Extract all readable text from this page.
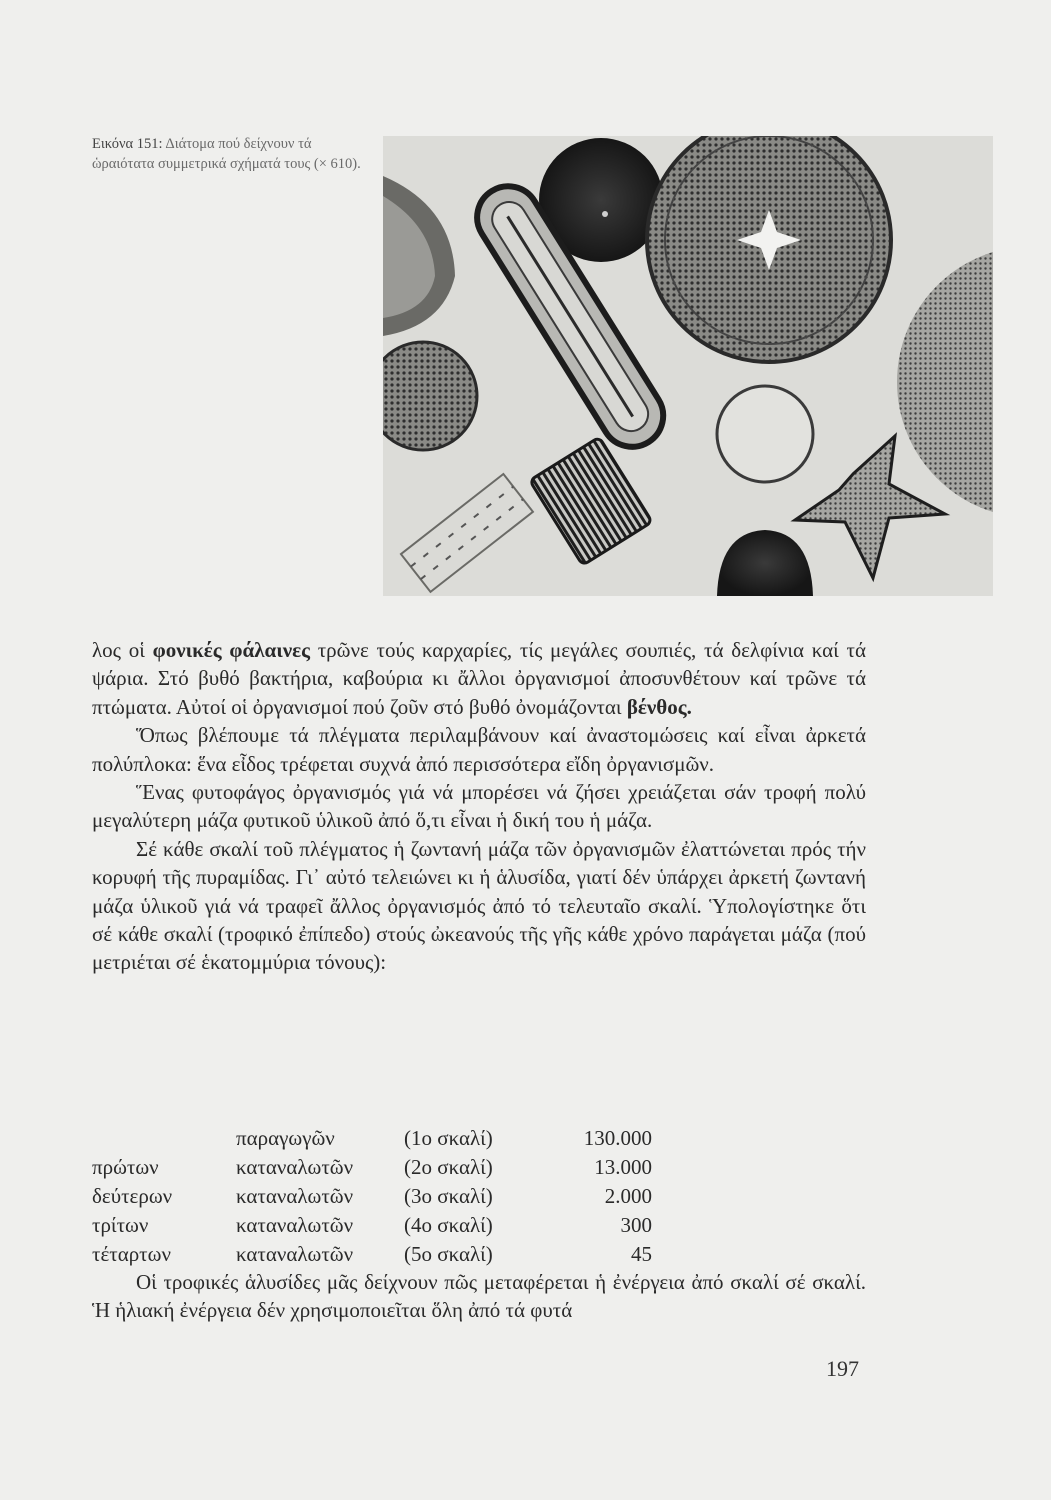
Εικόνα 151: Διάτομα πού δείχνουν τά ὡραιότατα συμμετρικά σχήματά τους (× 610).

λος οἱ φονικές φάλαινες τρῶνε τούς καρχαρίες, τίς μεγάλες σουπιές, τά δελφίνια καί τά ψάρια. Στό βυθό βακτήρια, καβούρια κι ἄλλοι ὀργανισμοί ἀποσυνθέτουν καί τρῶνε τά πτώματα. Αὐτοί οἱ ὀργανισμοί πού ζοῦν στό βυθό ὀνομάζονται βένθος.

Ὅπως βλέπουμε τά πλέγματα περιλαμβάνουν καί ἀναστομώσεις καί εἶναι ἀρκετά πολύπλοκα: ἕνα εἶδος τρέφεται συχνά ἀπό περισσότερα εἴδη ὀργανισμῶν.

Ἕνας φυτοφάγος ὀργανισμός γιά νά μπορέσει νά ζήσει χρειάζεται σάν τροφή πολύ μεγαλύτερη μάζα φυτικοῦ ὑλικοῦ ἀπό ὅ,τι εἶναι ἡ δική του ἡ μάζα.

Σέ κάθε σκαλί τοῦ πλέγματος ἡ ζωντανή μάζα τῶν ὀργανισμῶν ἐλαττώνεται πρός τήν κορυφή τῆς πυραμίδας. Γι᾽ αὐτό τελειώνει κι ἡ ἁλυσίδα, γιατί δέν ὑπάρχει ἀρκετή ζωντανή μάζα ὑλικοῦ γιά νά τραφεῖ ἄλλος ὀργανισμός ἀπό τό τελευταῖο σκαλί. Ὑπολογίστηκε ὅτι σέ κάθε σκαλί (τροφικό ἐπίπεδο) στούς ὠκεανούς τῆς γῆς κάθε χρόνο παράγεται μάζα (πού μετριέται σέ ἑκατομμύρια τόνους):

	παραγωγῶν	(1ο σκαλί)	130.000
πρώτων	καταναλωτῶν	(2ο σκαλί)	13.000
δεύτερων	καταναλωτῶν	(3ο σκαλί)	2.000
τρίτων	καταναλωτῶν	(4ο σκαλί)	300
τέταρτων	καταναλωτῶν	(5ο σκαλί)	45

Οἱ τροφικές ἁλυσίδες μᾶς δείχνουν πῶς μεταφέρεται ἡ ἐνέργεια ἀπό σκαλί σέ σκαλί. Ἡ ἡλιακή ἐνέργεια δέν χρησιμοποιεῖται ὅλη ἀπό τά φυτά

197
